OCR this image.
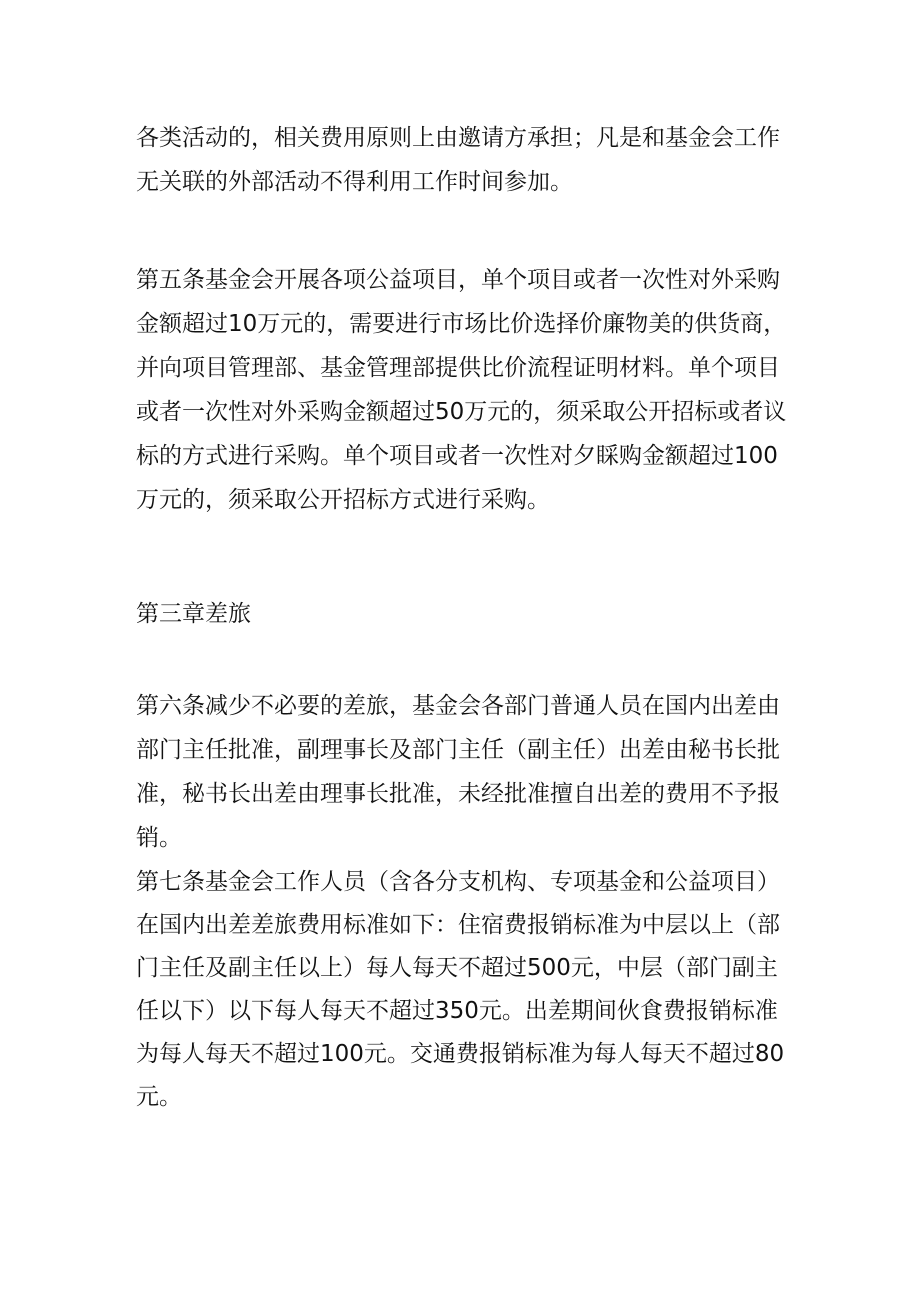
各类活动的，相关费用原则上由邀请方承担；凡是和基金会工作
无关联的外部活动不得利用工作时间参加。

第五条基金会开展各项公益项目，单个项目或者一次性对外采购
金额超过10万元的，需要进行市场比价选择价廉物美的供货商，
并向项目管理部、基金管理部提供比价流程证明材料。单个项目
或者一次性对外采购金额超过50万元的，须采取公开招标或者议
标的方式进行采购。单个项目或者一次性对夕睬购金额超过100
万元的，须采取公开招标方式进行采购。

第三章差旅

第六条减少不必要的差旅，基金会各部门普通人员在国内出差由
部门主任批准，副理事长及部门主任（副主任）出差由秘书长批
准，秘书长出差由理事长批准，未经批准擅自出差的费用不予报
销。

第七条基金会工作人员（含各分支机构、专项基金和公益项目）
在国内出差差旅费用标准如下：住宿费报销标准为中层以上（部
门主任及副主任以上）每人每天不超过500元，中层（部门副主
任以下）以下每人每天不超过350元。出差期间伙食费报销标准
为每人每天不超过100元。交通费报销标准为每人每天不超过80
元。
